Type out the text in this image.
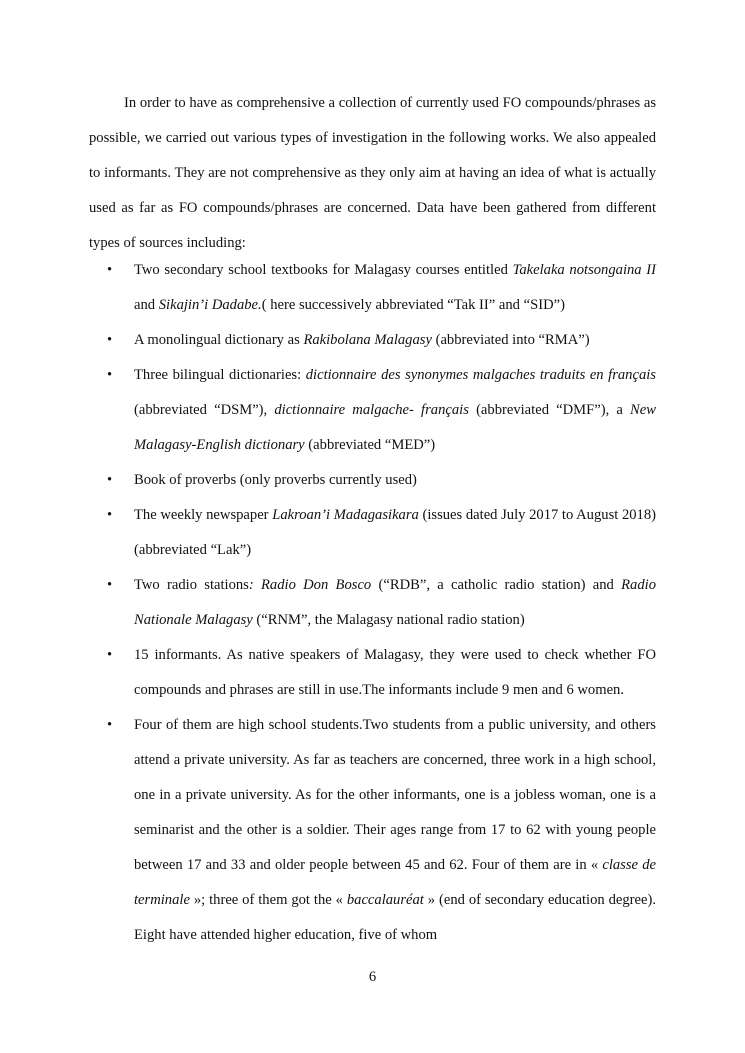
In order to have as comprehensive a collection of currently used FO compounds/phrases as possible, we carried out various types of investigation in the following works. We also appealed to informants. They are not comprehensive as they only aim at having an idea of what is actually used as far as FO compounds/phrases are concerned. Data have been gathered from different types of sources including:

• Two secondary school textbooks for Malagasy courses entitled Takelaka notsongaina II and Sikajin’i Dadabe.( here successively abbreviated “Tak II” and “SID”)
• A monolingual dictionary as Rakibolana Malagasy (abbreviated into “RMA”)
• Three bilingual dictionaries: dictionnaire des synonymes malgaches traduits en français (abbreviated “DSM”), dictionnaire malgache- français (abbreviated “DMF”), a New Malagasy-English dictionary (abbreviated “MED”)
• Book of proverbs (only proverbs currently used)
• The weekly newspaper Lakroan’i Madagasikara (issues dated July 2017 to August 2018) (abbreviated “Lak”)
• Two radio stations: Radio Don Bosco (“RDB”, a catholic radio station) and Radio Nationale Malagasy (“RNM”, the Malagasy national radio station)
• 15 informants. As native speakers of Malagasy, they were used to check whether FO compounds and phrases are still in use.The informants include 9 men and 6 women.
• Four of them are high school students.Two students from a public university, and others attend a private university. As far as teachers are concerned, three work in a high school, one in a private university. As for the other informants, one is a jobless woman, one is a seminarist and the other is a soldier. Their ages range from 17 to 62 with young people between 17 and 33 and older people between 45 and 62. Four of them are in « classe de terminale »; three of them got the « baccalauréat » (end of secondary education degree). Eight have attended higher education, five of whom
6
